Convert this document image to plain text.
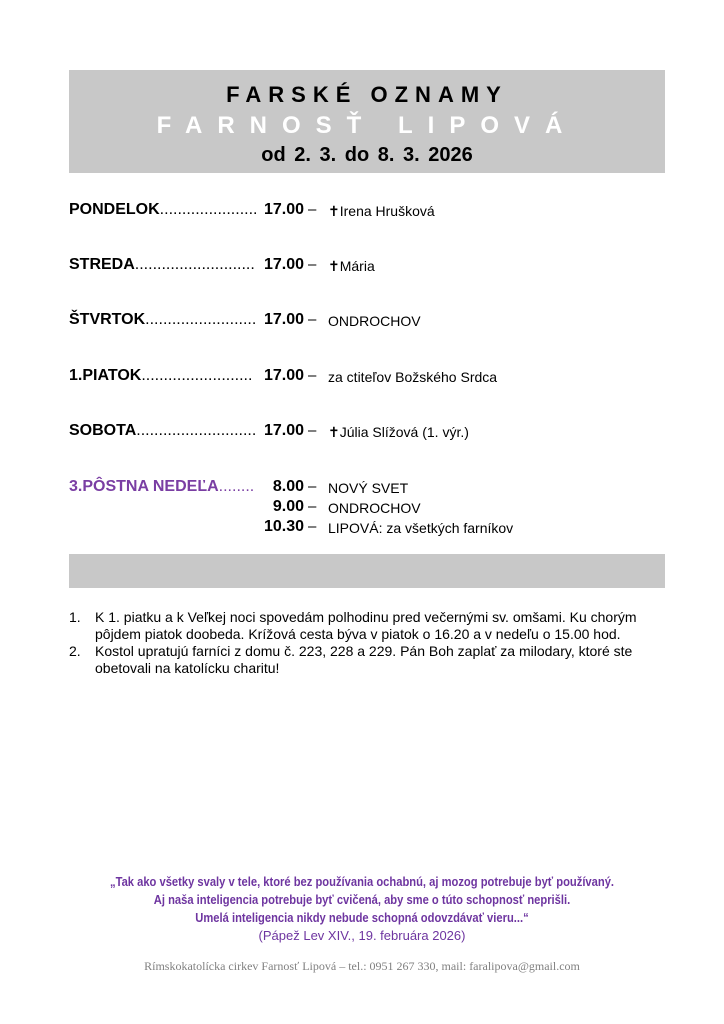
FARSKÉ OZNAMY
FARNOSŤ LIPOVÁ
od 2. 3. do 8. 3. 2026
PONDELOK...................... 17.00 – ✝Irena Hrušková
STREDA........................... 17.00 – ✝Mária
ŠTVRTOK......................... 17.00 – ONDROCHOV
1.PIATOK......................... 17.00 – za ctiteľov Božského Srdca
SOBOTA........................... 17.00 – ✝Júlia Slížová (1. výr.)
3.PÔSTNA NEDEĽA........ 8.00 – NOVÝ SVET
9.00 – ONDROCHOV
10.30 – LIPOVÁ: za všetkých farníkov
1. K 1. piatku a k Veľkej noci spovedám polhodinu pred večernými sv. omšami. Ku chorým pôjdem piatok doobeda. Krížová cesta býva v piatok o 16.20 a v nedeľu o 15.00 hod.
2. Kostol upratujú farníci z domu č. 223, 228 a 229. Pán Boh zaplať za milodary, ktoré ste obetovali na katolícku charitu!
„Tak ako všetky svaly v tele, ktoré bez používania ochabnú, aj mozog potrebuje byť používaný.
Aj naša inteligencia potrebuje byť cvičená, aby sme o túto schopnosť neprišli.
Umelá inteligencia nikdy nebude schopná odovzdávať vieru...“
(Pápež Lev XIV., 19. februára 2026)
Rímskokatolícka cirkev Farnosť Lipová – tel.: 0951 267 330, mail: faralipova@gmail.com
